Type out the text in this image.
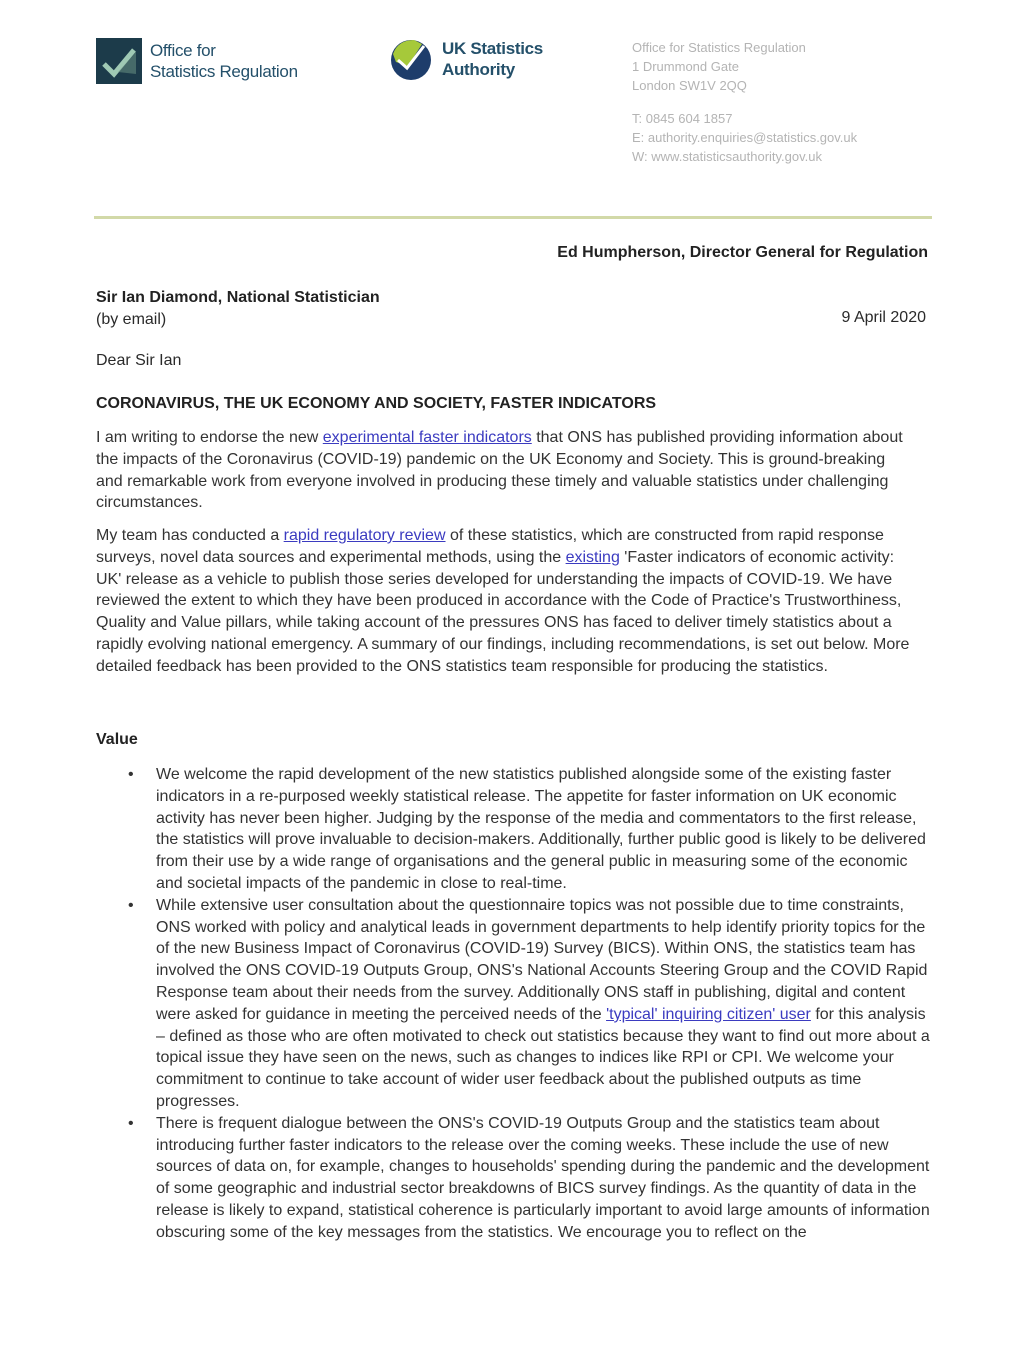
Office for
Statistics Regulation
UK Statistics
Authority
Office for Statistics Regulation
1 Drummond Gate
London SW1V 2QQ
T: 0845 604 1857
E: authority.enquiries@statistics.gov.uk
W: www.statisticsauthority.gov.uk
Ed Humpherson, Director General for Regulation
Sir Ian Diamond, National Statistician
(by email)	9 April 2020
Dear Sir Ian
CORONAVIRUS, THE UK ECONOMY AND SOCIETY, FASTER INDICATORS
I am writing to endorse the new experimental faster indicators that ONS has published providing information about the impacts of the Coronavirus (COVID-19) pandemic on the UK Economy and Society. This is ground-breaking and remarkable work from everyone involved in producing these timely and valuable statistics under challenging circumstances.
My team has conducted a rapid regulatory review of these statistics, which are constructed from rapid response surveys, novel data sources and experimental methods, using the existing 'Faster indicators of economic activity: UK' release as a vehicle to publish those series developed for understanding the impacts of COVID-19. We have reviewed the extent to which they have been produced in accordance with the Code of Practice's Trustworthiness, Quality and Value pillars, while taking account of the pressures ONS has faced to deliver timely statistics about a rapidly evolving national emergency. A summary of our findings, including recommendations, is set out below. More detailed feedback has been provided to the ONS statistics team responsible for producing the statistics.
Value
• We welcome the rapid development of the new statistics published alongside some of the existing faster indicators in a re-purposed weekly statistical release. The appetite for faster information on UK economic activity has never been higher. Judging by the response of the media and commentators to the first release, the statistics will prove invaluable to decision-makers. Additionally, further public good is likely to be delivered from their use by a wide range of organisations and the general public in measuring some of the economic and societal impacts of the pandemic in close to real-time.
• While extensive user consultation about the questionnaire topics was not possible due to time constraints, ONS worked with policy and analytical leads in government departments to help identify priority topics for the of the new Business Impact of Coronavirus (COVID-19) Survey (BICS). Within ONS, the statistics team has involved the ONS COVID-19 Outputs Group, ONS's National Accounts Steering Group and the COVID Rapid Response team about their needs from the survey. Additionally ONS staff in publishing, digital and content were asked for guidance in meeting the perceived needs of the 'typical' inquiring citizen' user for this analysis – defined as those who are often motivated to check out statistics because they want to find out more about a topical issue they have seen on the news, such as changes to indices like RPI or CPI. We welcome your commitment to continue to take account of wider user feedback about the published outputs as time progresses.
• There is frequent dialogue between the ONS's COVID-19 Outputs Group and the statistics team about introducing further faster indicators to the release over the coming weeks. These include the use of new sources of data on, for example, changes to households' spending during the pandemic and the development of some geographic and industrial sector breakdowns of BICS survey findings. As the quantity of data in the release is likely to expand, statistical coherence is particularly important to avoid large amounts of information obscuring some of the key messages from the statistics. We encourage you to reflect on the
